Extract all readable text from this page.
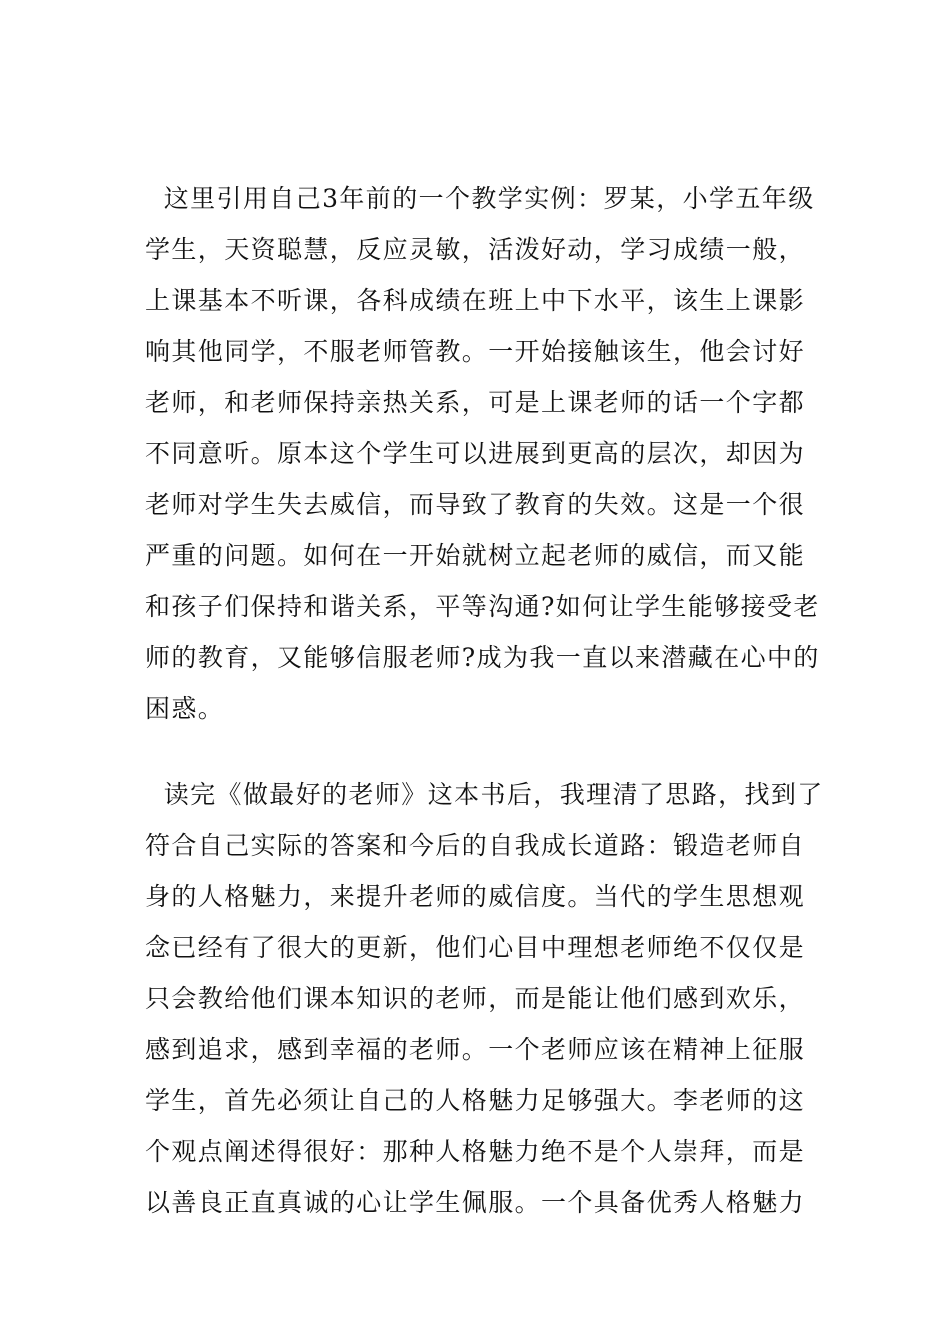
这里引用自己3年前的一个教学实例：罗某，小学五年级
学生，天资聪慧，反应灵敏，活泼好动，学习成绩一般，
上课基本不听课，各科成绩在班上中下水平，该生上课影
响其他同学，不服老师管教。一开始接触该生，他会讨好
老师，和老师保持亲热关系，可是上课老师的话一个字都
不同意听。原本这个学生可以进展到更高的层次，却因为
老师对学生失去威信，而导致了教育的失效。这是一个很
严重的问题。如何在一开始就树立起老师的威信，而又能
和孩子们保持和谐关系，平等沟通?如何让学生能够接受老
师的教育，又能够信服老师?成为我一直以来潜藏在心中的
困惑。
读完《做最好的老师》这本书后，我理清了思路，找到了
符合自己实际的答案和今后的自我成长道路：锻造老师自
身的人格魅力，来提升老师的威信度。当代的学生思想观
念已经有了很大的更新，他们心目中理想老师绝不仅仅是
只会教给他们课本知识的老师，而是能让他们感到欢乐，
感到追求，感到幸福的老师。一个老师应该在精神上征服
学生，首先必须让自己的人格魅力足够强大。李老师的这
个观点阐述得很好：那种人格魅力绝不是个人崇拜，而是
以善良正直真诚的心让学生佩服。一个具备优秀人格魅力
